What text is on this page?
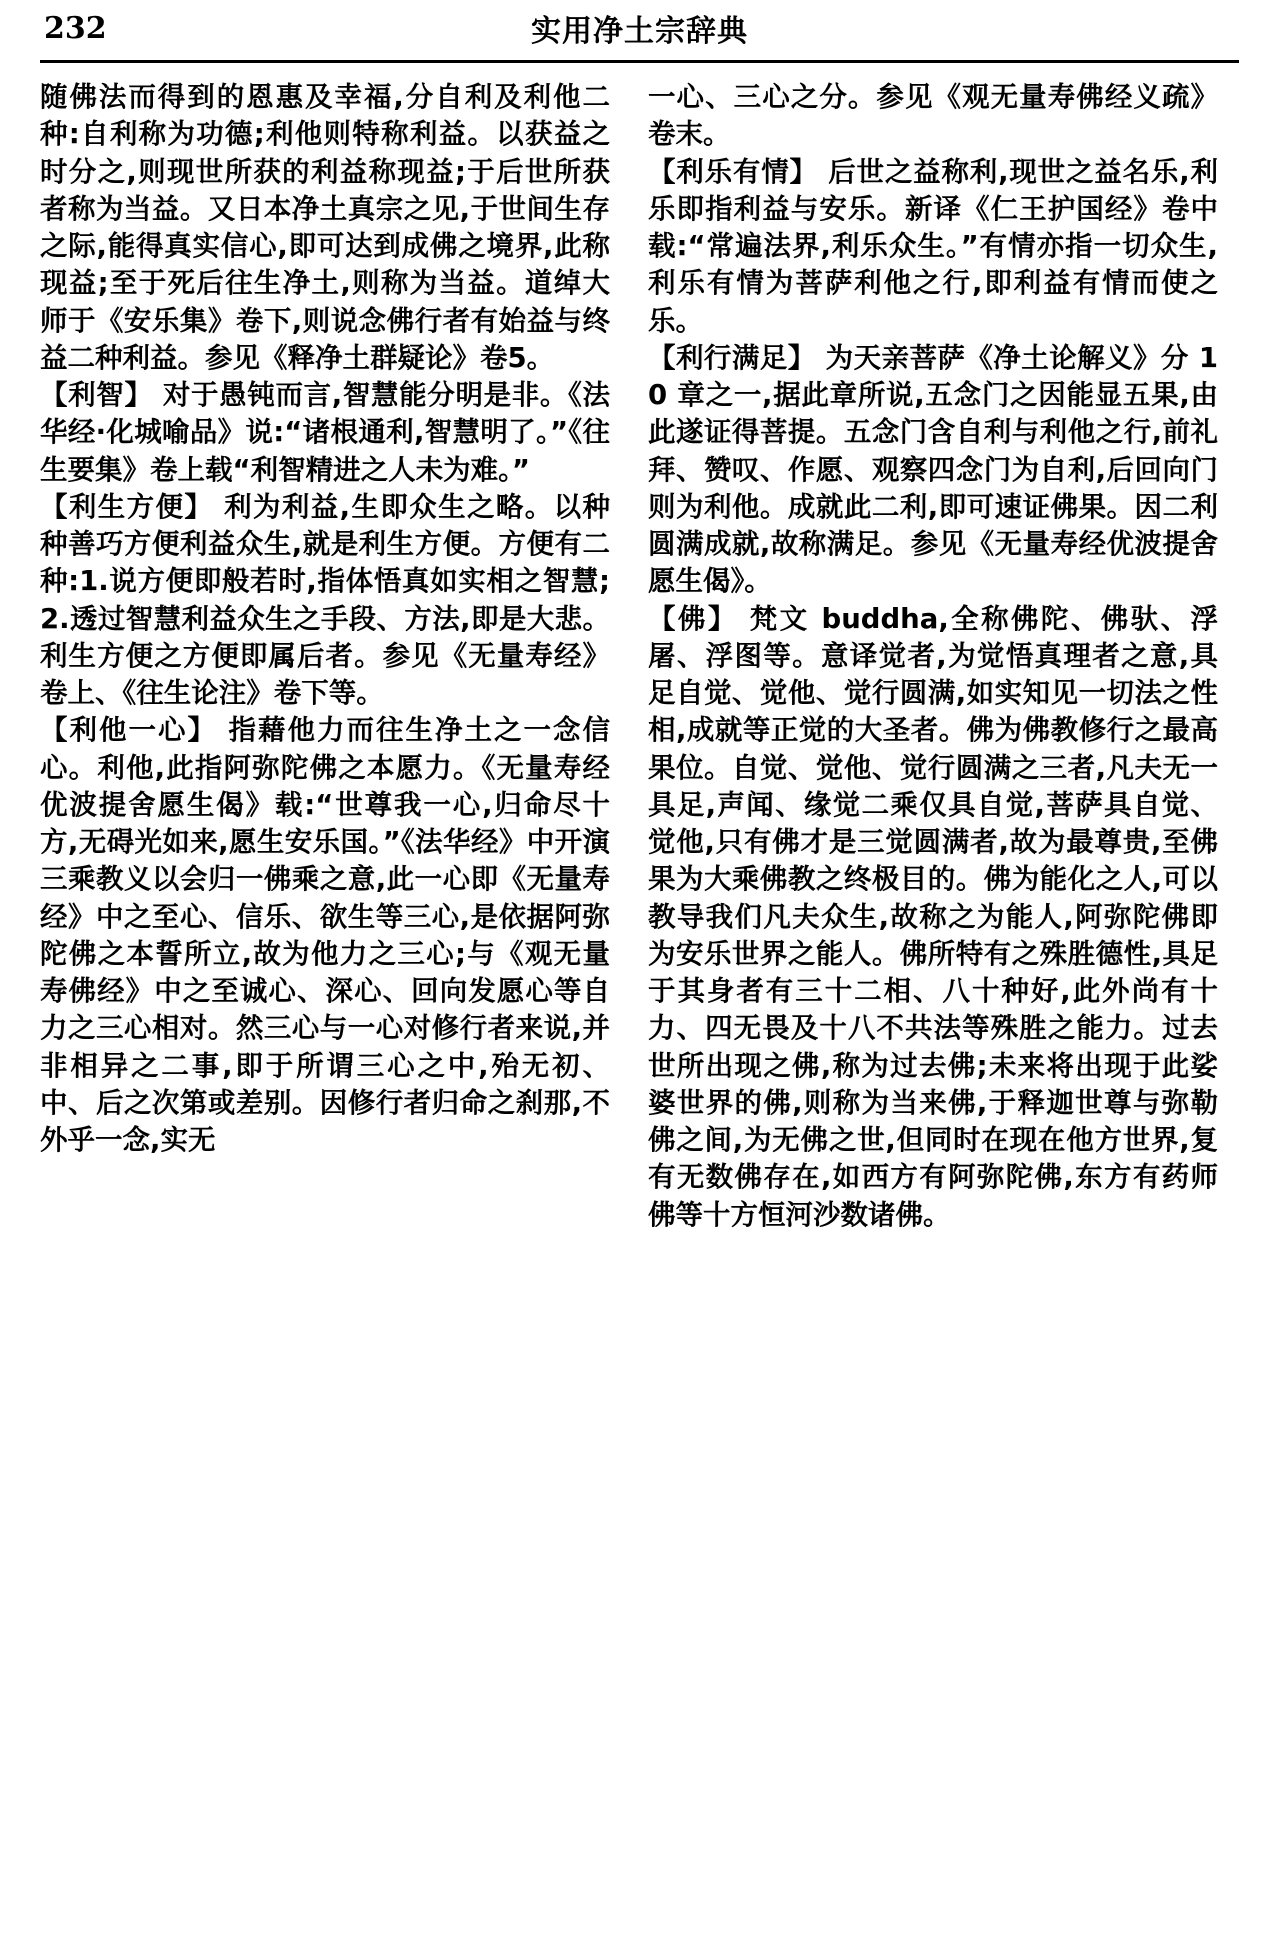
232	实用净土宗辞典

随佛法而得到的恩惠及幸福,分自利及利他二种:自利称为功德;利他则特称利益。以获益之时分之,则现世所获的利益称现益;于后世所获者称为当益。又日本净土真宗之见,于世间生存之际,能得真实信心,即可达到成佛之境界,此称现益;至于死后往生净土,则称为当益。道绰大师于《安乐集》卷下,则说念佛行者有始益与终益二种利益。参见《释净土群疑论》卷5。

【利智】 对于愚钝而言,智慧能分明是非。《法华经·化城喻品》说:“诸根通利,智慧明了。”《往生要集》卷上载“利智精进之人未为难。”

【利生方便】 利为利益,生即众生之略。以种种善巧方便利益众生,就是利生方便。方便有二种:1.说方便即般若时,指体悟真如实相之智慧;2.透过智慧利益众生之手段、方法,即是大悲。利生方便之方便即属后者。参见《无量寿经》卷上、《往生论注》卷下等。

【利他一心】 指藉他力而往生净土之一念信心。利他,此指阿弥陀佛之本愿力。《无量寿经优波提舍愿生偈》载:“世尊我一心,归命尽十方,无碍光如来,愿生安乐国。”《法华经》中开演三乘教义以会归一佛乘之意,此一心即《无量寿经》中之至心、信乐、欲生等三心,是依据阿弥陀佛之本誓所立,故为他力之三心;与《观无量寿佛经》中之至诚心、深心、回向发愿心等自力之三心相对。然三心与一心对修行者来说,并非相异之二事,即于所谓三心之中,殆无初、中、后之次第或差别。因修行者归命之刹那,不外乎一念,实无

一心、三心之分。参见《观无量寿佛经义疏》卷末。

【利乐有情】 后世之益称利,现世之益名乐,利乐即指利益与安乐。新译《仁王护国经》卷中载:“常遍法界,利乐众生。”有情亦指一切众生,利乐有情为菩萨利他之行,即利益有情而使之乐。

【利行满足】 为天亲菩萨《净土论解义》分 10 章之一,据此章所说,五念门之因能显五果,由此遂证得菩提。五念门含自利与利他之行,前礼拜、赞叹、作愿、观察四念门为自利,后回向门则为利他。成就此二利,即可速证佛果。因二利圆满成就,故称满足。参见《无量寿经优波提舍愿生偈》。

【佛】 梵文 buddha,全称佛陀、佛驮、浮屠、浮图等。意译觉者,为觉悟真理者之意,具足自觉、觉他、觉行圆满,如实知见一切法之性相,成就等正觉的大圣者。佛为佛教修行之最高果位。自觉、觉他、觉行圆满之三者,凡夫无一具足,声闻、缘觉二乘仅具自觉,菩萨具自觉、觉他,只有佛才是三觉圆满者,故为最尊贵,至佛果为大乘佛教之终极目的。佛为能化之人,可以教导我们凡夫众生,故称之为能人,阿弥陀佛即为安乐世界之能人。佛所特有之殊胜德性,具足于其身者有三十二相、八十种好,此外尚有十力、四无畏及十八不共法等殊胜之能力。过去世所出现之佛,称为过去佛;未来将出现于此娑婆世界的佛,则称为当来佛,于释迦世尊与弥勒佛之间,为无佛之世,但同时在现在他方世界,复有无数佛存在,如西方有阿弥陀佛,东方有药师佛等十方恒河沙数诸佛。
